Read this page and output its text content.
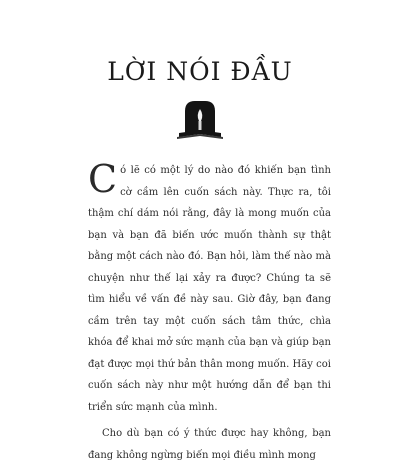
LỜI NÓI ĐẦU

Có lẽ có một lý do nào đó khiến bạn tình cờ cầm lên cuốn sách này. Thực ra, tôi thậm chí dám nói rằng, đây là mong muốn của bạn và bạn đã biến ước muốn thành sự thật bằng một cách nào đó. Bạn hỏi, làm thế nào mà chuyện như thế lại xảy ra được? Chúng ta sẽ tìm hiểu về vấn đề này sau. Giờ đây, bạn đang cầm trên tay một cuốn sách tâm thức, chìa khóa để khai mở sức mạnh của bạn và giúp bạn đạt được mọi thứ bản thân mong muốn. Hãy coi cuốn sách này như một hướng dẫn để bạn thi triển sức mạnh của mình.

Cho dù bạn có ý thức được hay không, bạn đang không ngừng biến mọi điều mình mong
